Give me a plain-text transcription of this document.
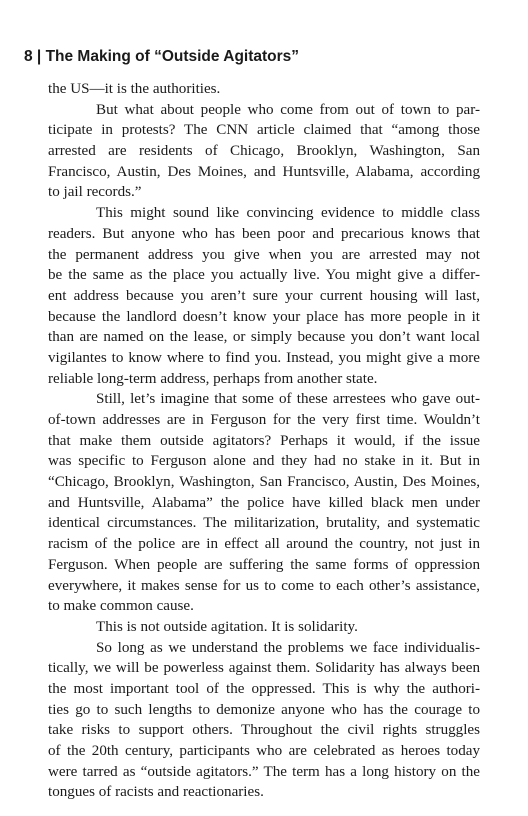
8 | The Making of “Outside Agitators”
the US—it is the authorities.
But what about people who come from out of town to par-
ticipate in protests? The CNN article claimed that “among those
arrested are residents of Chicago, Brooklyn, Washington, San
Francisco, Austin, Des Moines, and Huntsville, Alabama, according
to jail records.”
This might sound like convincing evidence to middle class
readers. But anyone who has been poor and precarious knows that
the permanent address you give when you are arrested may not
be the same as the place you actually live. You might give a differ-
ent address because you aren’t sure your current housing will last,
because the landlord doesn’t know your place has more people in it
than are named on the lease, or simply because you don’t want local
vigilantes to know where to find you. Instead, you might give a more
reliable long-term address, perhaps from another state.
Still, let’s imagine that some of these arrestees who gave out-
of-town addresses are in Ferguson for the very first time. Wouldn’t
that make them outside agitators? Perhaps it would, if the issue
was specific to Ferguson alone and they had no stake in it. But in
“Chicago, Brooklyn, Washington, San Francisco, Austin, Des Moines,
and Huntsville, Alabama” the police have killed black men under
identical circumstances. The militarization, brutality, and systematic
racism of the police are in effect all around the country, not just in
Ferguson. When people are suffering the same forms of oppression
everywhere, it makes sense for us to come to each other’s assistance,
to make common cause.
This is not outside agitation. It is solidarity.
So long as we understand the problems we face individualis-
tically, we will be powerless against them. Solidarity has always been
the most important tool of the oppressed. This is why the authori-
ties go to such lengths to demonize anyone who has the courage to
take risks to support others. Throughout the civil rights struggles
of the 20th century, participants who are celebrated as heroes today
were tarred as “outside agitators.” The term has a long history on the
tongues of racists and reactionaries.
